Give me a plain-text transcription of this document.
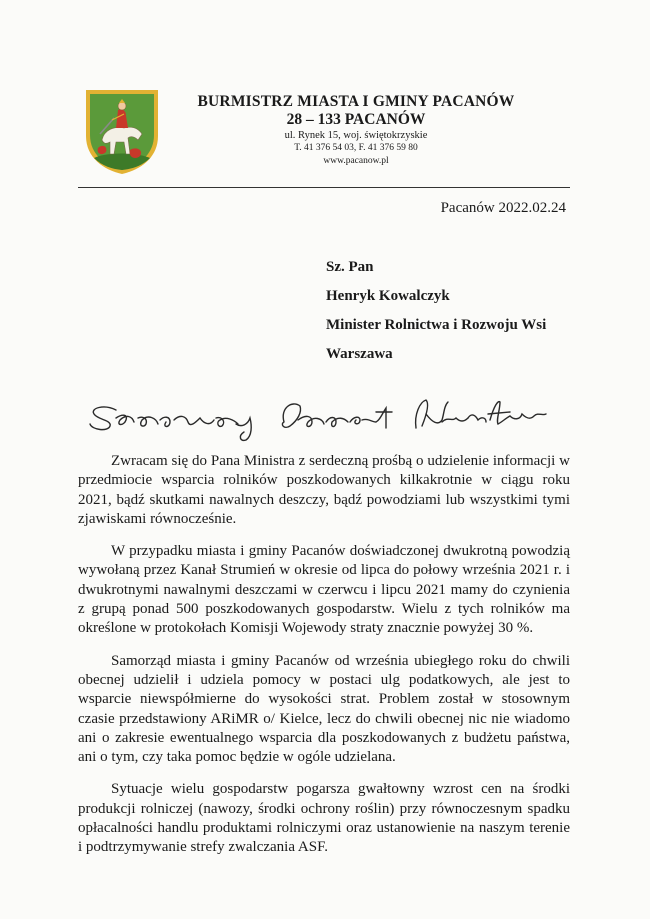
BURMISTRZ MIASTA I GMINY PACANÓW
28 – 133 PACANÓW
ul. Rynek 15, woj. świętokrzyskie
T. 41 376 54 03, F. 41 376 59 80
www.pacanow.pl
Pacanów 2022.02.24
Sz. Pan
Henryk Kowalczyk
Minister Rolnictwa i Rozwoju Wsi
Warszawa

Zwracam się do Pana Ministra z serdeczną prośbą o udzielenie informacji w przedmiocie wsparcia rolników poszkodowanych kilkakrotnie w ciągu roku 2021, bądź skutkami nawalnych deszczy, bądź powodziami lub wszystkimi tymi zjawiskami równocześnie.

W przypadku miasta i gminy Pacanów doświadczonej dwukrotną powodzią wywołaną przez Kanał Strumień w okresie od lipca do połowy września 2021 r. i dwukrotnymi nawalnymi deszczami w czerwcu i lipcu 2021 mamy do czynienia z grupą ponad 500 poszkodowanych gospodarstw. Wielu z tych rolników ma określone w protokołach Komisji Wojewody straty znacznie powyżej 30 %.

Samorząd miasta i gminy Pacanów od września ubiegłego roku do chwili obecnej udzielił i udziela pomocy w postaci ulg podatkowych, ale jest to wsparcie niewspółmierne do wysokości strat. Problem został w stosownym czasie przedstawiony ARiMR o/ Kielce, lecz do chwili obecnej nic nie wiadomo ani o zakresie ewentualnego wsparcia dla poszkodowanych z budżetu państwa, ani o tym, czy taka pomoc będzie w ogóle udzielana.

Sytuacje wielu gospodarstw pogarsza gwałtowny wzrost cen na środki produkcji rolniczej (nawozy, środki ochrony roślin) przy równoczesnym spadku opłacalności handlu produktami rolniczymi oraz ustanowienie na naszym terenie i podtrzymywanie strefy zwalczania ASF.
